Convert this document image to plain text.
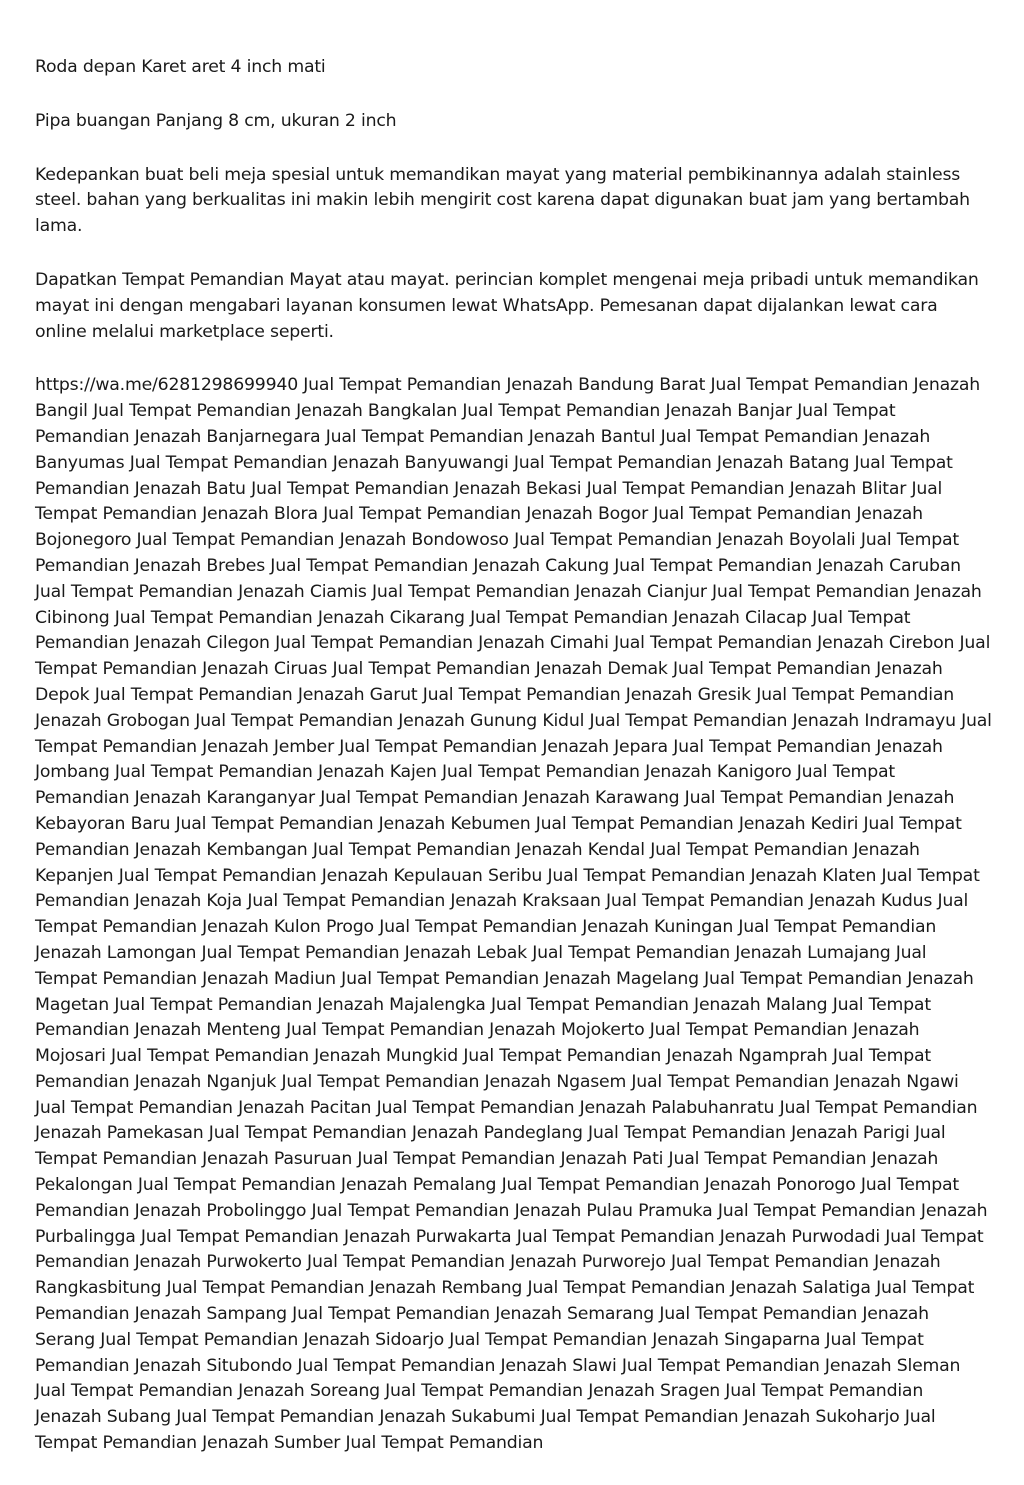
Roda depan Karet aret 4 inch mati

Pipa buangan Panjang 8 cm, ukuran 2 inch

Kedepankan buat beli meja spesial untuk memandikan mayat yang material pembikinannya adalah stainless steel. bahan yang berkualitas ini makin lebih mengirit cost karena dapat digunakan buat jam yang bertambah lama.

Dapatkan Tempat Pemandian Mayat atau mayat. perincian komplet mengenai meja pribadi untuk memandikan mayat ini dengan mengabari layanan konsumen lewat WhatsApp. Pemesanan dapat dijalankan lewat cara online melalui marketplace seperti.

https://wa.me/6281298699940 Jual Tempat Pemandian Jenazah Bandung Barat Jual Tempat Pemandian Jenazah Bangil Jual Tempat Pemandian Jenazah Bangkalan Jual Tempat Pemandian Jenazah Banjar Jual Tempat Pemandian Jenazah Banjarnegara Jual Tempat Pemandian Jenazah Bantul Jual Tempat Pemandian Jenazah Banyumas Jual Tempat Pemandian Jenazah Banyuwangi Jual Tempat Pemandian Jenazah Batang Jual Tempat Pemandian Jenazah Batu Jual Tempat Pemandian Jenazah Bekasi Jual Tempat Pemandian Jenazah Blitar Jual Tempat Pemandian Jenazah Blora Jual Tempat Pemandian Jenazah Bogor Jual Tempat Pemandian Jenazah Bojonegoro Jual Tempat Pemandian Jenazah Bondowoso Jual Tempat Pemandian Jenazah Boyolali Jual Tempat Pemandian Jenazah Brebes Jual Tempat Pemandian Jenazah Cakung Jual Tempat Pemandian Jenazah Caruban Jual Tempat Pemandian Jenazah Ciamis Jual Tempat Pemandian Jenazah Cianjur Jual Tempat Pemandian Jenazah Cibinong Jual Tempat Pemandian Jenazah Cikarang Jual Tempat Pemandian Jenazah Cilacap Jual Tempat Pemandian Jenazah Cilegon Jual Tempat Pemandian Jenazah Cimahi Jual Tempat Pemandian Jenazah Cirebon Jual Tempat Pemandian Jenazah Ciruas Jual Tempat Pemandian Jenazah Demak Jual Tempat Pemandian Jenazah Depok Jual Tempat Pemandian Jenazah Garut Jual Tempat Pemandian Jenazah Gresik Jual Tempat Pemandian Jenazah Grobogan Jual Tempat Pemandian Jenazah Gunung Kidul Jual Tempat Pemandian Jenazah Indramayu Jual Tempat Pemandian Jenazah Jember Jual Tempat Pemandian Jenazah Jepara Jual Tempat Pemandian Jenazah Jombang Jual Tempat Pemandian Jenazah Kajen Jual Tempat Pemandian Jenazah Kanigoro Jual Tempat Pemandian Jenazah Karanganyar Jual Tempat Pemandian Jenazah Karawang Jual Tempat Pemandian Jenazah Kebayoran Baru Jual Tempat Pemandian Jenazah Kebumen Jual Tempat Pemandian Jenazah Kediri Jual Tempat Pemandian Jenazah Kembangan Jual Tempat Pemandian Jenazah Kendal Jual Tempat Pemandian Jenazah Kepanjen Jual Tempat Pemandian Jenazah Kepulauan Seribu Jual Tempat Pemandian Jenazah Klaten Jual Tempat Pemandian Jenazah Koja Jual Tempat Pemandian Jenazah Kraksaan Jual Tempat Pemandian Jenazah Kudus Jual Tempat Pemandian Jenazah Kulon Progo Jual Tempat Pemandian Jenazah Kuningan Jual Tempat Pemandian Jenazah Lamongan Jual Tempat Pemandian Jenazah Lebak Jual Tempat Pemandian Jenazah Lumajang Jual Tempat Pemandian Jenazah Madiun Jual Tempat Pemandian Jenazah Magelang Jual Tempat Pemandian Jenazah Magetan Jual Tempat Pemandian Jenazah Majalengka Jual Tempat Pemandian Jenazah Malang Jual Tempat Pemandian Jenazah Menteng Jual Tempat Pemandian Jenazah Mojokerto Jual Tempat Pemandian Jenazah Mojosari Jual Tempat Pemandian Jenazah Mungkid Jual Tempat Pemandian Jenazah Ngamprah Jual Tempat Pemandian Jenazah Nganjuk Jual Tempat Pemandian Jenazah Ngasem Jual Tempat Pemandian Jenazah Ngawi Jual Tempat Pemandian Jenazah Pacitan Jual Tempat Pemandian Jenazah Palabuhanratu Jual Tempat Pemandian Jenazah Pamekasan Jual Tempat Pemandian Jenazah Pandeglang Jual Tempat Pemandian Jenazah Parigi Jual Tempat Pemandian Jenazah Pasuruan Jual Tempat Pemandian Jenazah Pati Jual Tempat Pemandian Jenazah Pekalongan Jual Tempat Pemandian Jenazah Pemalang Jual Tempat Pemandian Jenazah Ponorogo Jual Tempat Pemandian Jenazah Probolinggo Jual Tempat Pemandian Jenazah Pulau Pramuka Jual Tempat Pemandian Jenazah Purbalingga Jual Tempat Pemandian Jenazah Purwakarta Jual Tempat Pemandian Jenazah Purwodadi Jual Tempat Pemandian Jenazah Purwokerto Jual Tempat Pemandian Jenazah Purworejo Jual Tempat Pemandian Jenazah Rangkasbitung Jual Tempat Pemandian Jenazah Rembang Jual Tempat Pemandian Jenazah Salatiga Jual Tempat Pemandian Jenazah Sampang Jual Tempat Pemandian Jenazah Semarang Jual Tempat Pemandian Jenazah Serang Jual Tempat Pemandian Jenazah Sidoarjo Jual Tempat Pemandian Jenazah Singaparna Jual Tempat Pemandian Jenazah Situbondo Jual Tempat Pemandian Jenazah Slawi Jual Tempat Pemandian Jenazah Sleman Jual Tempat Pemandian Jenazah Soreang Jual Tempat Pemandian Jenazah Sragen Jual Tempat Pemandian Jenazah Subang Jual Tempat Pemandian Jenazah Sukabumi Jual Tempat Pemandian Jenazah Sukoharjo Jual Tempat Pemandian Jenazah Sumber Jual Tempat Pemandian
